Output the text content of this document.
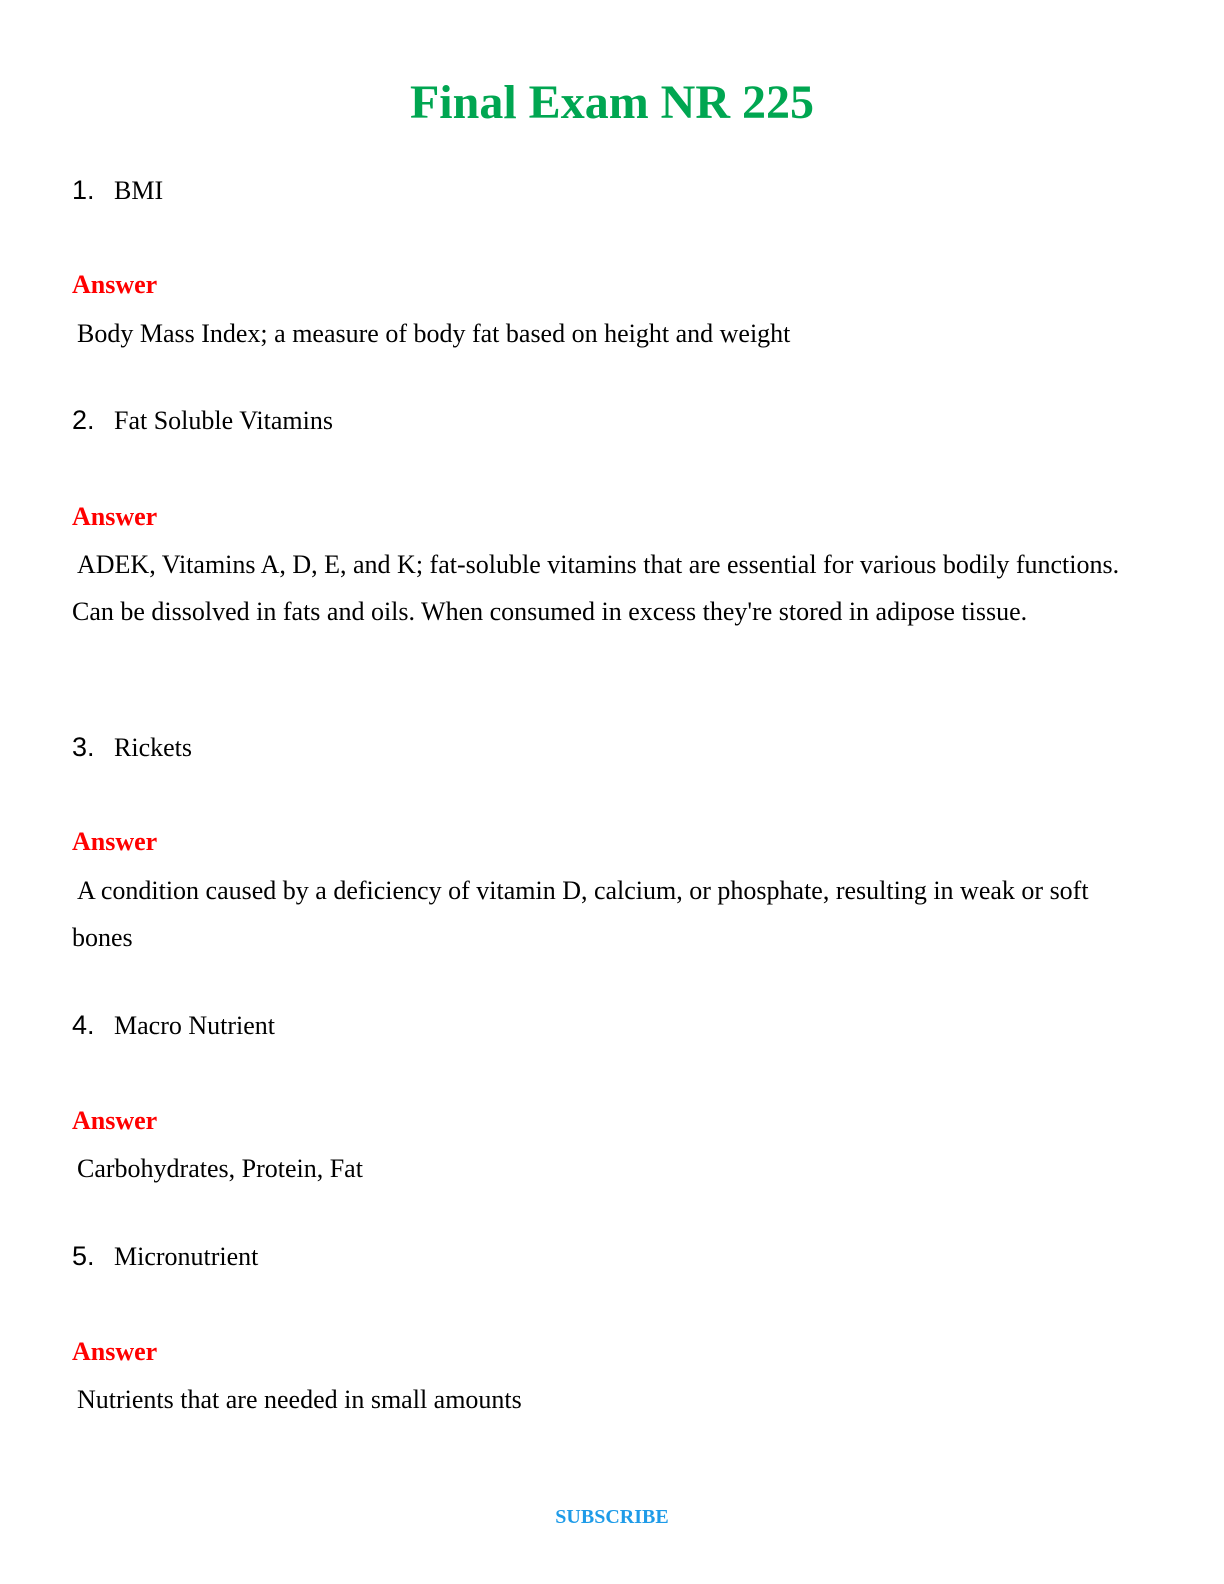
Final Exam NR 225
1. BMI
Answer
Body Mass Index; a measure of body fat based on height and weight
2. Fat Soluble Vitamins
Answer
ADEK, Vitamins A, D, E, and K; fat-soluble vitamins that are essential for various bodily functions. Can be dissolved in fats and oils. When consumed in excess they're stored in adipose tissue.
3. Rickets
Answer
A condition caused by a deficiency of vitamin D, calcium, or phosphate, resulting in weak or soft bones
4. Macro Nutrient
Answer
Carbohydrates, Protein, Fat
5. Micronutrient
Answer
Nutrients that are needed in small amounts
SUBSCRIBE
